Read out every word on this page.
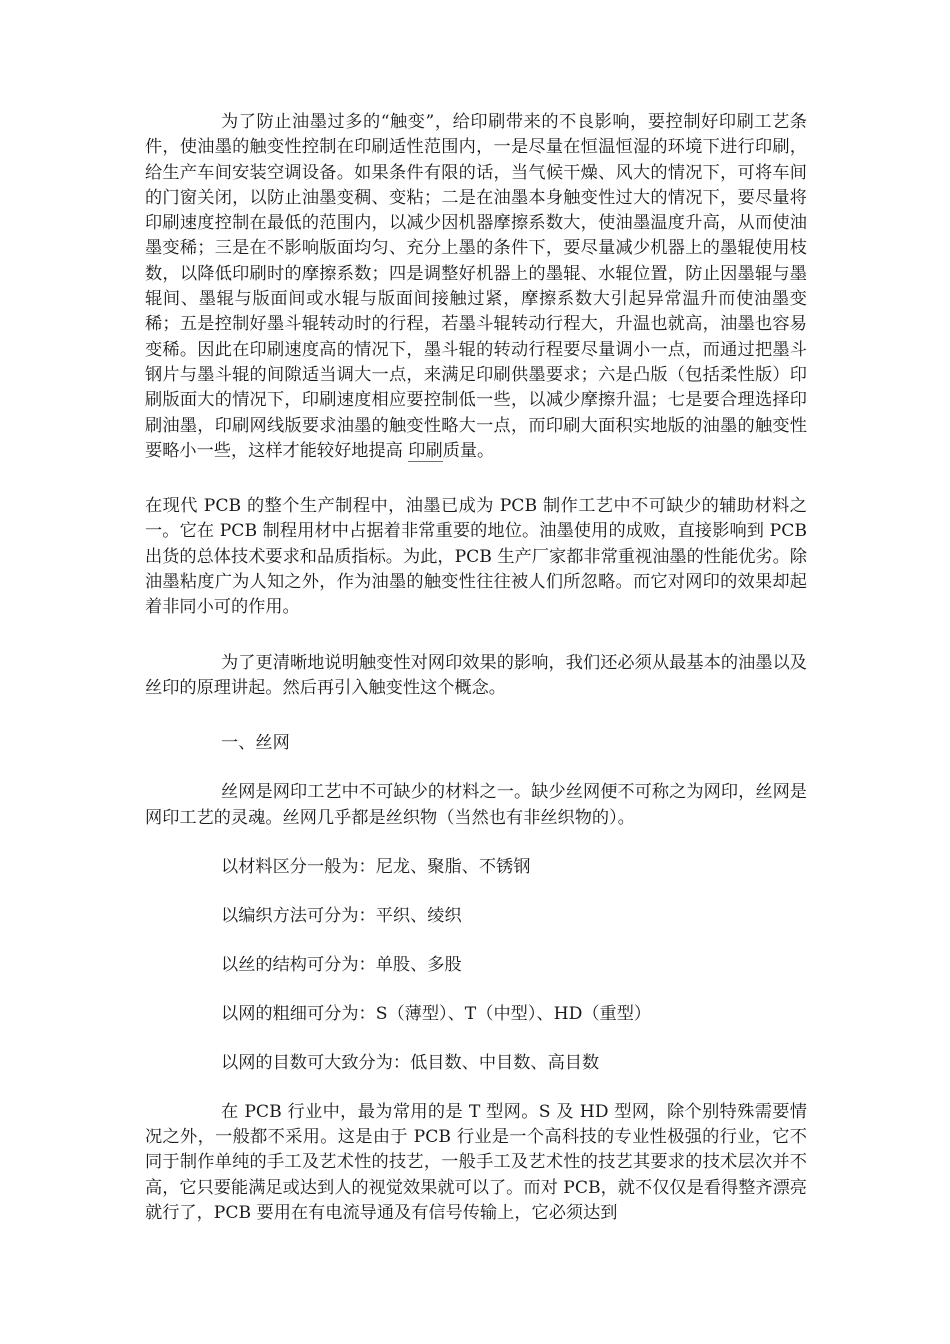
为了防止油墨过多的“触变”，给印刷带来的不良影响，要控制好印刷工艺条件，使油墨的触变性控制在印刷适性范围内，一是尽量在恒温恒湿的环境下进行印刷，给生产车间安装空调设备。如果条件有限的话，当气候干燥、风大的情况下，可将车间的门窗关闭，以防止油墨变稠、变粘；二是在油墨本身触变性过大的情况下，要尽量将印刷速度控制在最低的范围内，以减少因机器摩擦系数大，使油墨温度升高，从而使油墨变稀；三是在不影响版面均匀、充分上墨的条件下，要尽量减少机器上的墨辊使用枝数，以降低印刷时的摩擦系数；四是调整好机器上的墨辊、水辊位置，防止因墨辊与墨辊间、墨辊与版面间或水辊与版面间接触过紧，摩擦系数大引起异常温升而使油墨变稀；五是控制好墨斗辊转动时的行程，若墨斗辊转动行程大，升温也就高，油墨也容易变稀。因此在印刷速度高的情况下，墨斗辊的转动行程要尽量调小一点，而通过把墨斗钢片与墨斗辊的间隙适当调大一点，来满足印刷供墨要求；六是凸版（包括柔性版）印刷版面大的情况下，印刷速度相应要控制低一些，以减少摩擦升温；七是要合理选择印刷油墨，印刷网线版要求油墨的触变性略大一点，而印刷大面积实地版的油墨的触变性要略小一些，这样才能较好地提高 印刷质量。

在现代 PCB 的整个生产制程中，油墨已成为 PCB 制作工艺中不可缺少的辅助材料之一。它在 PCB 制程用材中占据着非常重要的地位。油墨使用的成败，直接影响到 PCB 出货的总体技术要求和品质指标。为此，PCB 生产厂家都非常重视油墨的性能优劣。除油墨粘度广为人知之外，作为油墨的触变性往往被人们所忽略。而它对网印的效果却起着非同小可的作用。

为了更清晰地说明触变性对网印效果的影响，我们还必须从最基本的油墨以及丝印的原理讲起。然后再引入触变性这个概念。

一、丝网

丝网是网印工艺中不可缺少的材料之一。缺少丝网便不可称之为网印，丝网是网印工艺的灵魂。丝网几乎都是丝织物（当然也有非丝织物的）。

以材料区分一般为：尼龙、聚脂、不锈钢

以编织方法可分为：平织、绫织

以丝的结构可分为：单股、多股

以网的粗细可分为：S（薄型）、T（中型）、HD（重型）

以网的目数可大致分为：低目数、中目数、高目数

在 PCB 行业中，最为常用的是 T 型网。S 及 HD 型网，除个别特殊需要情况之外，一般都不采用。这是由于 PCB 行业是一个高科技的专业性极强的行业，它不同于制作单纯的手工及艺术性的技艺，一般手工及艺术性的技艺其要求的技术层次并不高，它只要能满足或达到人的视觉效果就可以了。而对 PCB，就不仅仅是看得整齐漂亮就行了，PCB 要用在有电流导通及有信号传输上，它必须达到
